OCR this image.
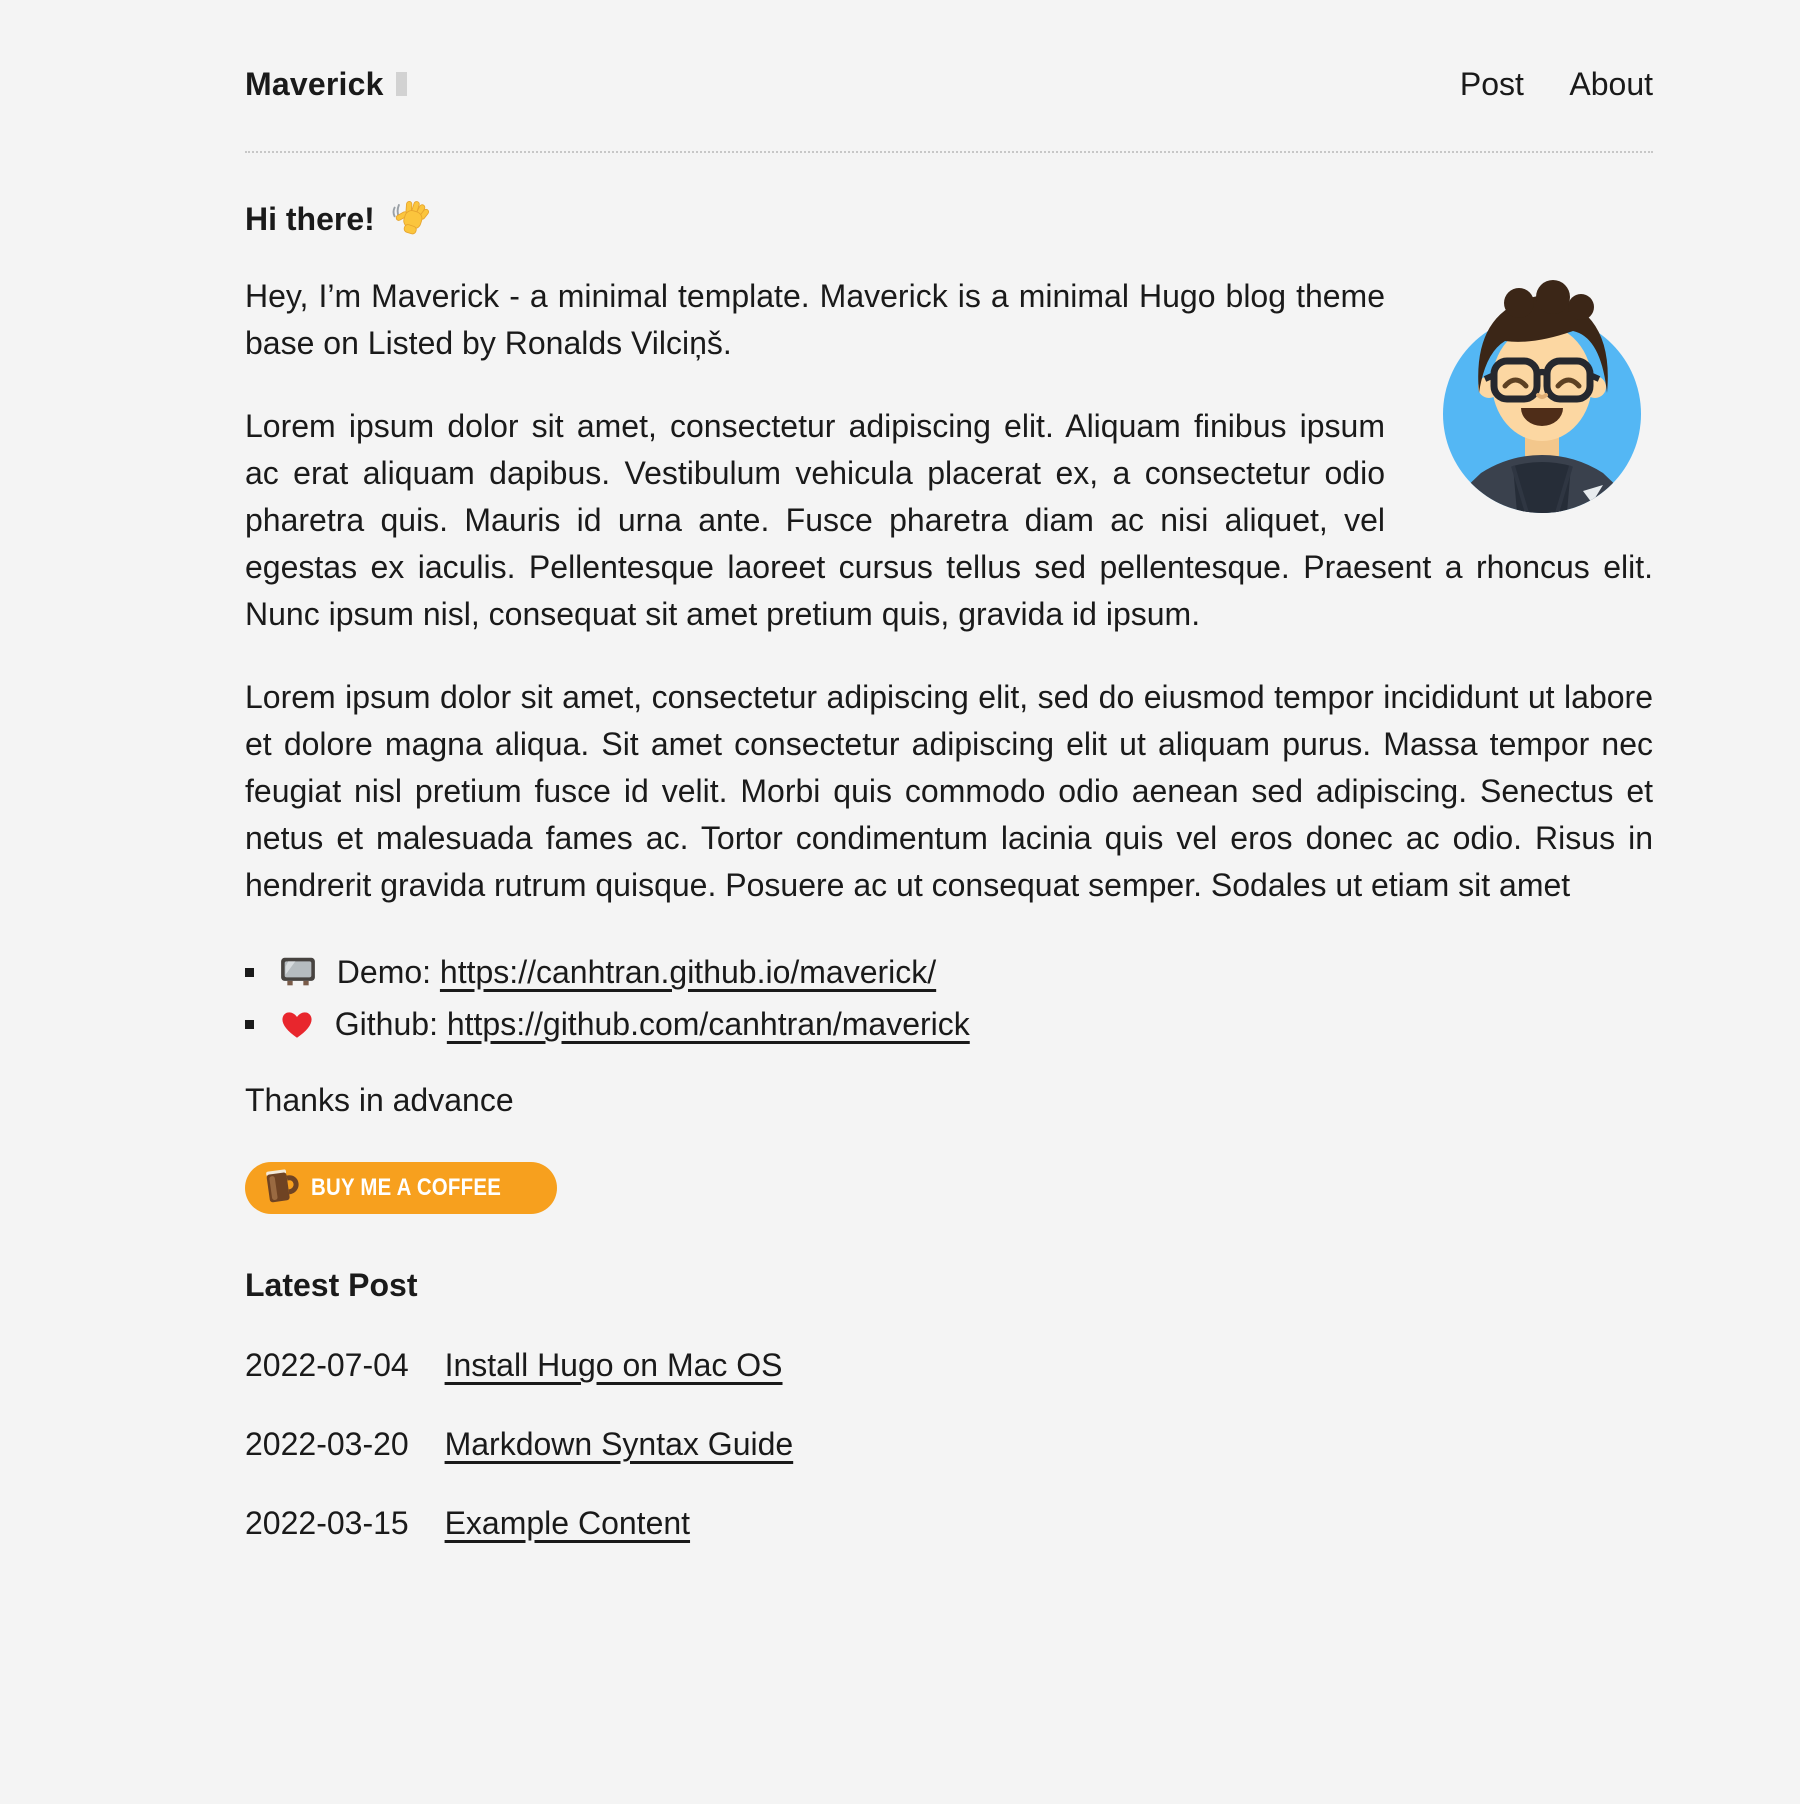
Maverick	Post About
Hi there!

Hey, I’m Maverick - a minimal template. Maverick is a minimal Hugo blog theme base on Listed by Ronalds Vilciņš.

Lorem ipsum dolor sit amet, consectetur adipiscing elit. Aliquam finibus ipsum ac erat aliquam dapibus. Vestibulum vehicula placerat ex, a consectetur odio pharetra quis. Mauris id urna ante. Fusce pharetra diam ac nisi aliquet, vel egestas ex iaculis. Pellentesque laoreet cursus tellus sed pellentesque. Praesent a rhoncus elit. Nunc ipsum nisl, consequat sit amet pretium quis, gravida id ipsum.

Lorem ipsum dolor sit amet, consectetur adipiscing elit, sed do eiusmod tempor incididunt ut labore et dolore magna aliqua. Sit amet consectetur adipiscing elit ut aliquam purus. Massa tempor nec feugiat nisl pretium fusce id velit. Morbi quis commodo odio aenean sed adipiscing. Senectus et netus et malesuada fames ac. Tortor condimentum lacinia quis vel eros donec ac odio. Risus in hendrerit gravida rutrum quisque. Posuere ac ut consequat semper. Sodales ut etiam sit amet

Demo: https://canhtran.github.io/maverick/
Github: https://github.com/canhtran/maverick

Thanks in advance

BUY ME A COFFEE
Latest Post
2022-07-04 Install Hugo on Mac OS
2022-03-20 Markdown Syntax Guide
2022-03-15 Example Content
